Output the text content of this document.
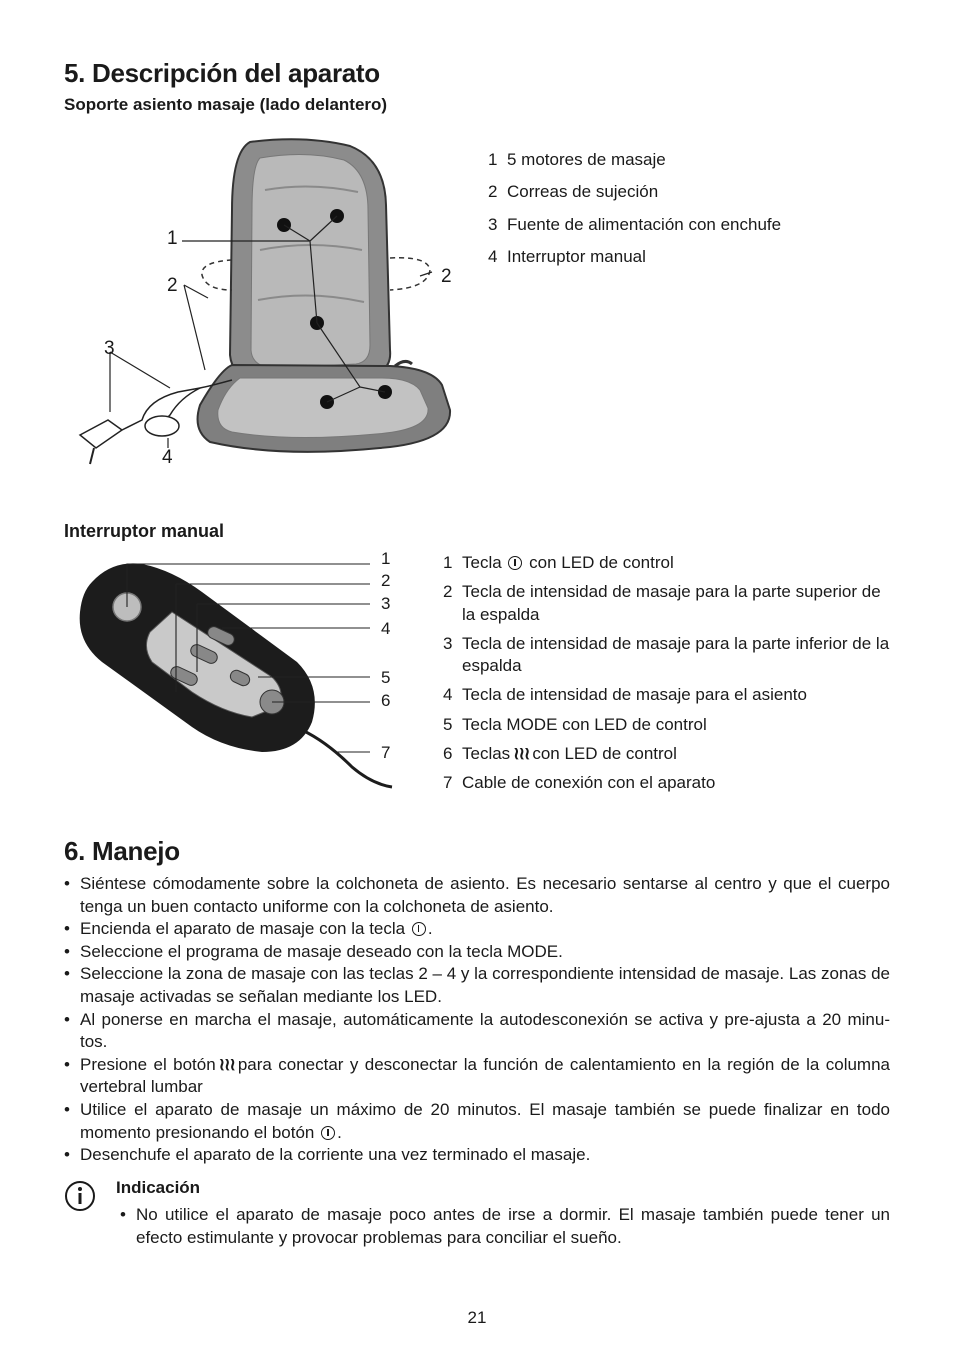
5. Descripción del aparato
Soporte asiento masaje (lado delantero)
1
2	2
3
4
1 5 motores de masaje
2 Correas de sujeción
3 Fuente de alimentación con enchufe
4 Interruptor manual
Interruptor manual
1
2
3
4
5
6
7
1 Tecla con LED de control
2 Tecla de intensidad de masaje para la parte superior de la espalda
3 Tecla de intensidad de masaje para la parte inferior de la espalda
4 Tecla de intensidad de masaje para el asiento
5 Tecla MODE con LED de control
6 Teclas ≀≀≀ con LED de control
7 Cable de conexión con el aparato
6. Manejo
• Siéntese cómodamente sobre la colchoneta de asiento. Es necesario sentarse al centro y que el cuerpo tenga un buen contacto uniforme con la colchoneta de asiento.
• Encienda el aparato de masaje con la tecla .
• Seleccione el programa de masaje deseado con la tecla MODE.
• Seleccione la zona de masaje con las teclas 2 – 4 y la correspondiente intensidad de masaje. Las zonas de masaje activadas se señalan mediante los LED.
• Al ponerse en marcha el masaje, automáticamente la autodesconexión se activa y pre-ajusta a 20 minu-tos.
• Presione el botón ≀≀≀ para conectar y desconectar la función de calentamiento en la región de la columna vertebral lumbar
• Utilice el aparato de masaje un máximo de 20 minutos. El masaje también se puede finalizar en todo momento presionando el botón .
• Desenchufe el aparato de la corriente una vez terminado el masaje.
Indicación
• No utilice el aparato de masaje poco antes de irse a dormir. El masaje también puede tener un efecto estimulante y provocar problemas para conciliar el sueño.
21
